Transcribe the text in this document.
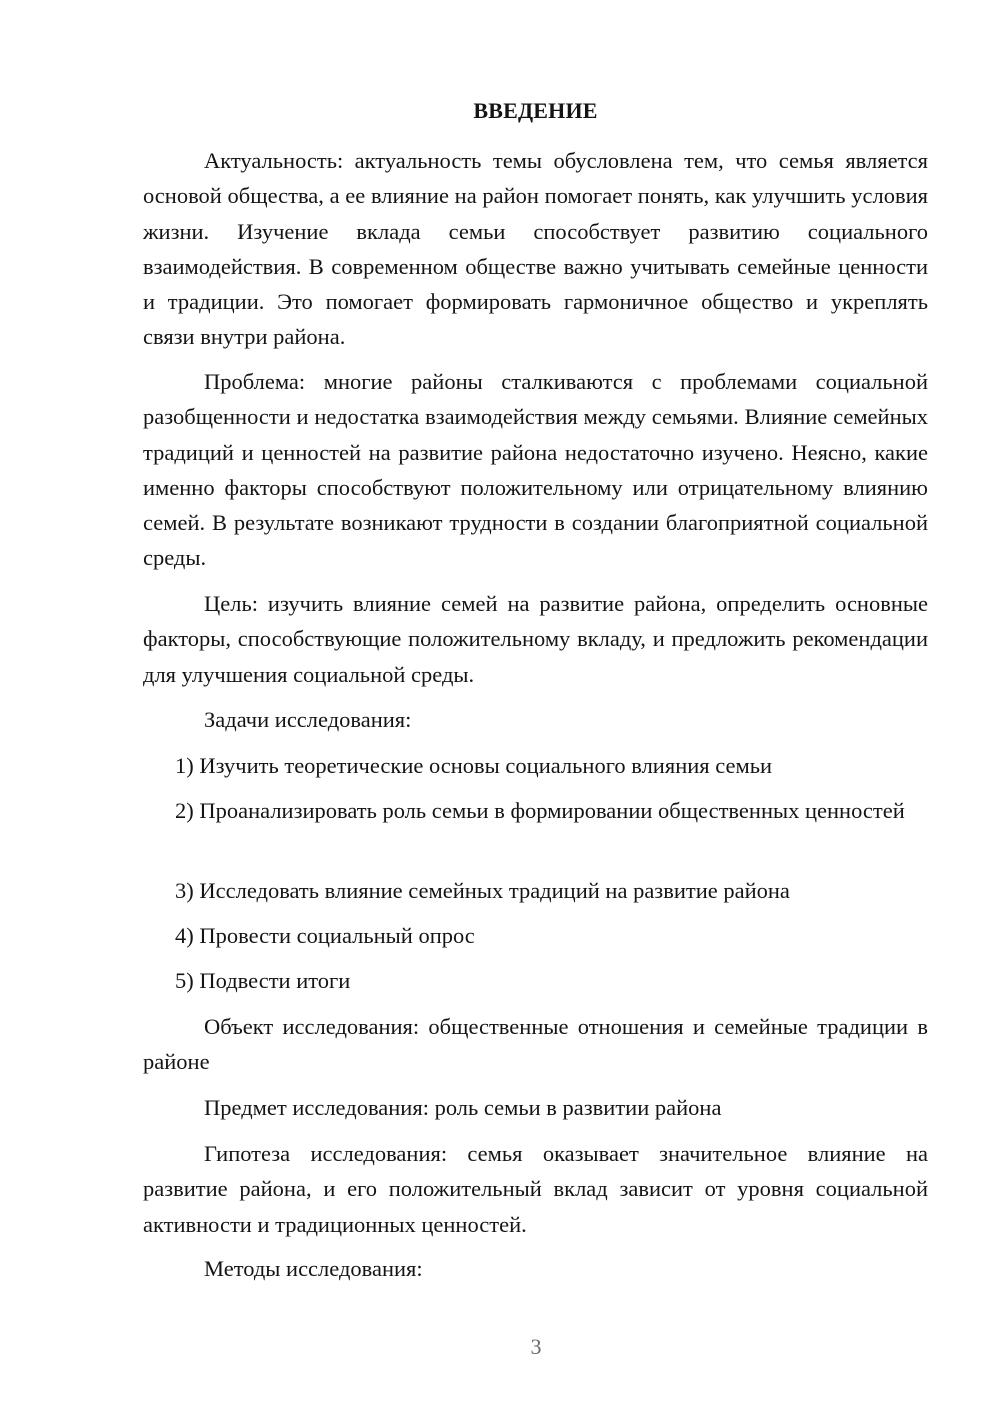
ВВЕДЕНИЕ

Актуальность: актуальность темы обусловлена тем, что семья является основой общества, а ее влияние на район помогает понять, как улучшить условия жизни. Изучение вклада семьи способствует развитию социального взаимодействия. В современном обществе важно учитывать семейные ценности и традиции. Это помогает формировать гармоничное общество и укреплять связи внутри района.

Проблема: многие районы сталкиваются с проблемами социальной разобщенности и недостатка взаимодействия между семьями. Влияние семейных традиций и ценностей на развитие района недостаточно изучено. Неясно, какие именно факторы способствуют положительному или отрицательному влиянию семей. В результате возникают трудности в создании благоприятной социальной среды.

Цель: изучить влияние семей на развитие района, определить основные факторы, способствующие положительному вкладу, и предложить рекомендации для улучшения социальной среды.

Задачи исследования:

1) Изучить теоретические основы социального влияния семьи
2) Проанализировать роль семьи в формировании общественных ценностей
3) Исследовать влияние семейных традиций на развитие района
4) Провести социальный опрос
5) Подвести итоги

Объект исследования: общественные отношения и семейные традиции в районе

Предмет исследования: роль семьи в развитии района

Гипотеза исследования: семья оказывает значительное влияние на развитие района, и его положительный вклад зависит от уровня социальной активности и традиционных ценностей.

Методы исследования:

3
